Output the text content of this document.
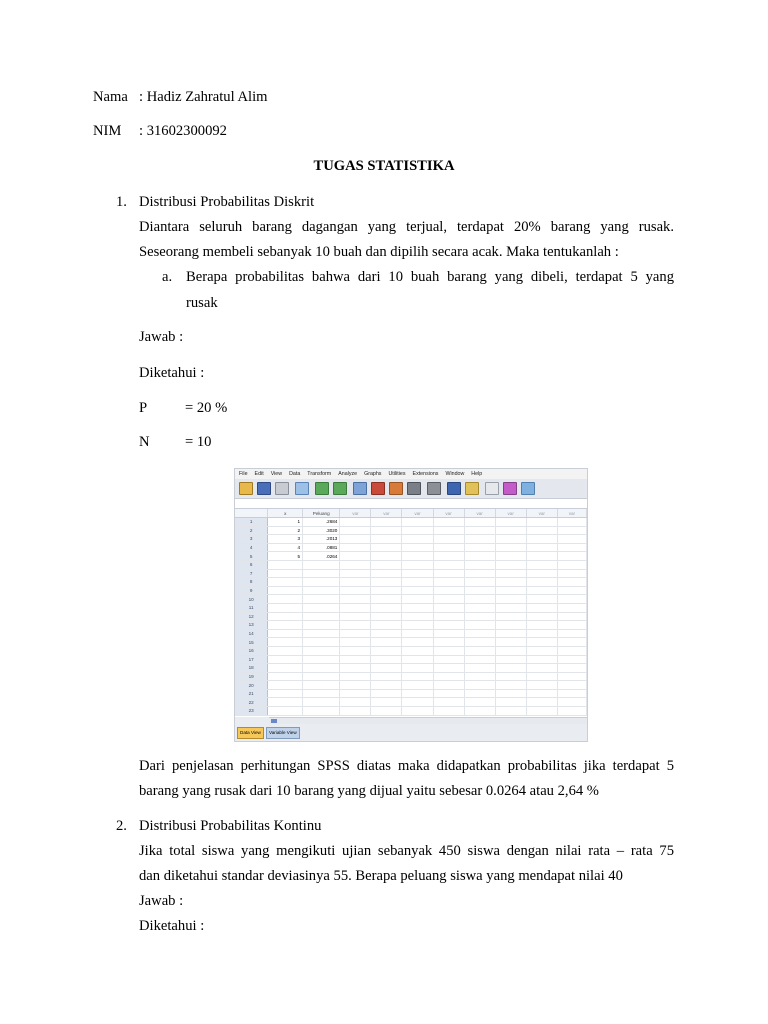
Nama : Hadiz Zahratul Alim
NIM : 31602300092
TUGAS STATISTIKA
1. Distribusi Probabilitas Diskrit
Diantara seluruh barang dagangan yang terjual, terdapat 20% barang yang rusak.
Seseorang membeli sebanyak 10 buah dan dipilih secara acak. Maka tentukanlah :
a. Berapa probabilitas bahwa dari 10 buah barang yang dibeli, terdapat 5 yang
rusak
Jawab :
Diketahui :
P	= 20 %
N = 10
File Edit View Data Transform Analyze Graphs Utilities Extensions Window Help
	x	Peluang	var	var	var	var	var	var	var	var
1	1	.2684								
2	2	.3020								
3	3	.2013								
4	4	.0881								
5	5	.0264								
6										
7										
8										
9										
10										
11										
12										
13										
14										
15										
16										
17										
18										
19										
20										
21										
22										
23										
Data View	Variable View
Dari penjelasan perhitungan SPSS diatas maka didapatkan probabilitas jika terdapat 5
barang yang rusak dari 10 barang yang dijual yaitu sebesar 0.0264 atau 2,64 %
2. Distribusi Probabilitas Kontinu
Jika total siswa yang mengikuti ujian sebanyak 450 siswa dengan nilai rata – rata 75
dan diketahui standar deviasinya 55. Berapa peluang siswa yang mendapat nilai 40
Jawab :
Diketahui :
